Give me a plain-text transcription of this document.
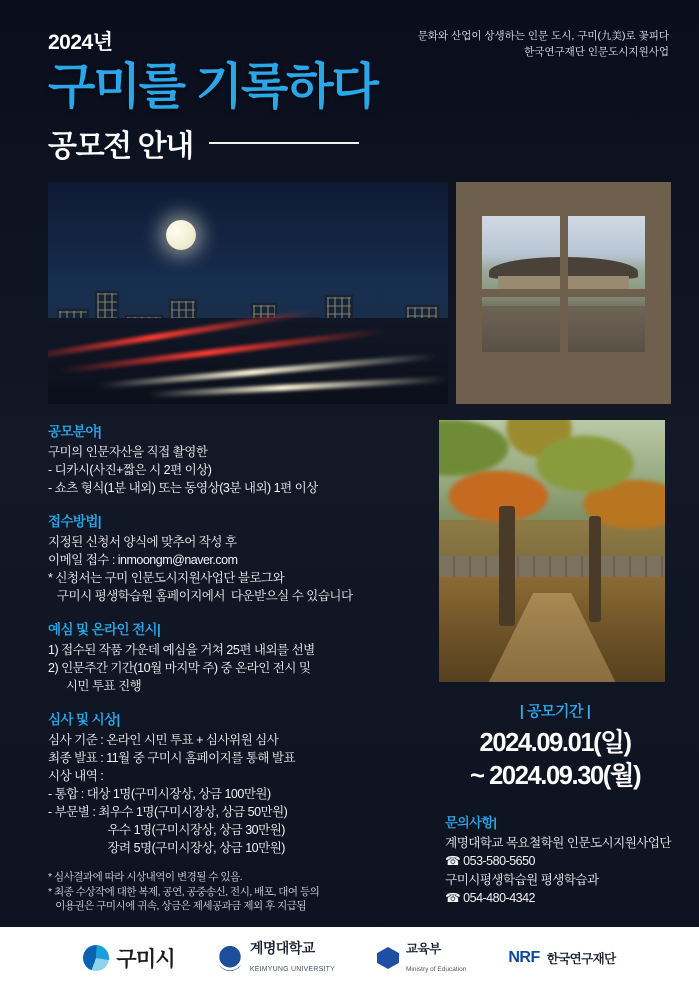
문화와 산업이 상생하는 인문 도시, 구미(九美)로 꽃피다
한국연구재단 인문도시지원사업

2024년

구미를 기록하다
공모전 안내

공모분야|

구미의 인문자산을 직접 촬영한

- 디카시(사진+짧은 시 2편 이상)

- 쇼츠 형식(1분 내외) 또는 동영상(3분 내외) 1편 이상

접수방법|

지정된 신청서 양식에 맞추어 작성 후

이메일 접수 : inmoongm@naver.com

* 신청서는 구미 인문도시지원사업단 블로그와

구미시 평생학습원 홈페이지에서  다운받으실 수 있습니다

예심 및 온라인 전시|

1) 접수된 작품 가운데 예심을 거쳐 25편 내외를 선별

2) 인문주간 기간(10월 마지막 주) 중 온라인 전시 및

시민 투표 진행

심사 및 시상|

심사 기준 : 온라인 시민 투표 + 심사위원 심사

최종 발표 : 11월 중 구미시 홈페이지를 통해 발표

시상 내역 :

- 통합 : 대상 1명(구미시장상, 상금 100만원)

- 부문별 : 최우수 1명(구미시장상, 상금 50만원)

우수 1명(구미시장상, 상금 30만원)

장려 5명(구미시장상, 상금 10만원)

* 심사결과에 따라 시상내역이 변경될 수 있음.

* 최종 수상작에 대한 복제, 공연, 공중송신, 전시, 배포, 대여 등의

이용권은 구미시에 귀속, 상금은 제세공과금 제외 후 지급됨

| 공모기간 |

2024.09.01(일)

~ 2024.09.30(월)

문의사항|

계명대학교 목요철학원 인문도시지원사업단

☎ 053-580-5650

구미시평생학습원 평생학습과

☎ 054-480-4342

구미시	계명대학교
KEIMYUNG UNIVERSITY
교육부
Ministry of Education
NRF 한국연구재단
